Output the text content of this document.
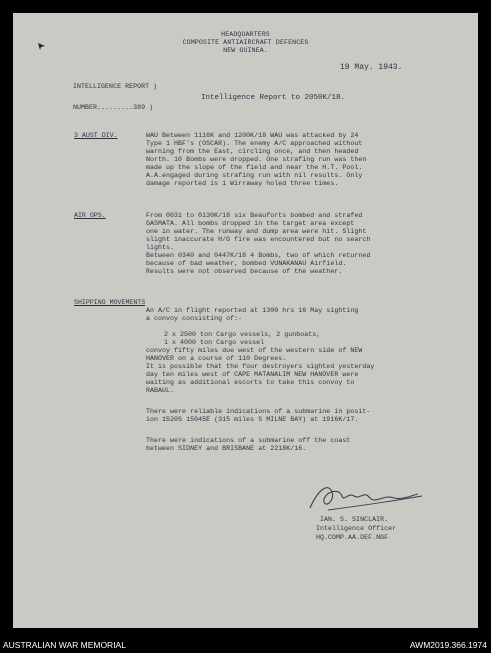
HEADQUARTERS
COMPOSITE ANTIAIRCRAFT DEFENCES
NEW GUINEA.
19 May. 1943.
INTELLIGENCE REPORT )
NUMBER.........389 )
Intelligence Report to 2050K/18.
3 AUST DIV.	WAU Between 1116K and 1200K/18 WAU was attacked by 24
Type 1 HBF's (OSCAR). The enemy A/C approached without
warning from the East, circling once, and then headed
North. 10 Bombs were dropped. One strafing run was then
made up the slope of the field and near the H.T. Pool.
A.A.engaged during strafing run with nil results. Only
damage reported is 1 Wirraway holed three times.
AIR OPS.	From 0031 to 0130K/18 six Beauforts bombed and strafed
GASMATA. All bombs dropped in the target area except
one in water. The runway and dump area were hit. Slight
slight inaccurate H/G fire was encountered but no search
lights.
Between 0340 and 0447K/18 4 Bombs, two of which returned
because of bad weather, bombed VUNAKANAU Airfield.
Results were not observed because of the weather.
SHIPPING MOVEMENTS
An A/C in flight reported at 1300 hrs 16 May sighting
a convoy consisting of:-
2 x 2500 ton Cargo vessels, 2 gunboats,
1 x 4000 ton Cargo vessel
convoy fifty miles due west of the western side of NEW
HANOVER on a course of 110 Degrees.
It is possible that the four destroyers sighted yesterday
day ten miles west of CAPE MATANALIM NEW HANOVER were
waiting as additional escorts to take this convoy to
RABAUL.
There were reliable indications of a submarine in posit-
ion 1520S 15045E (315 miles S MILNE BAY) at 1916K/17.
There were indications of a submarine off the coast
between SIDNEY and BRISBANE at 2218K/16.
IAN. S. SINCLAIR.
Intelligence Officer
HQ.COMP.AA.DEF.NGF
AUSTRALIAN WAR MEMORIAL	AWM2019.366.1974
